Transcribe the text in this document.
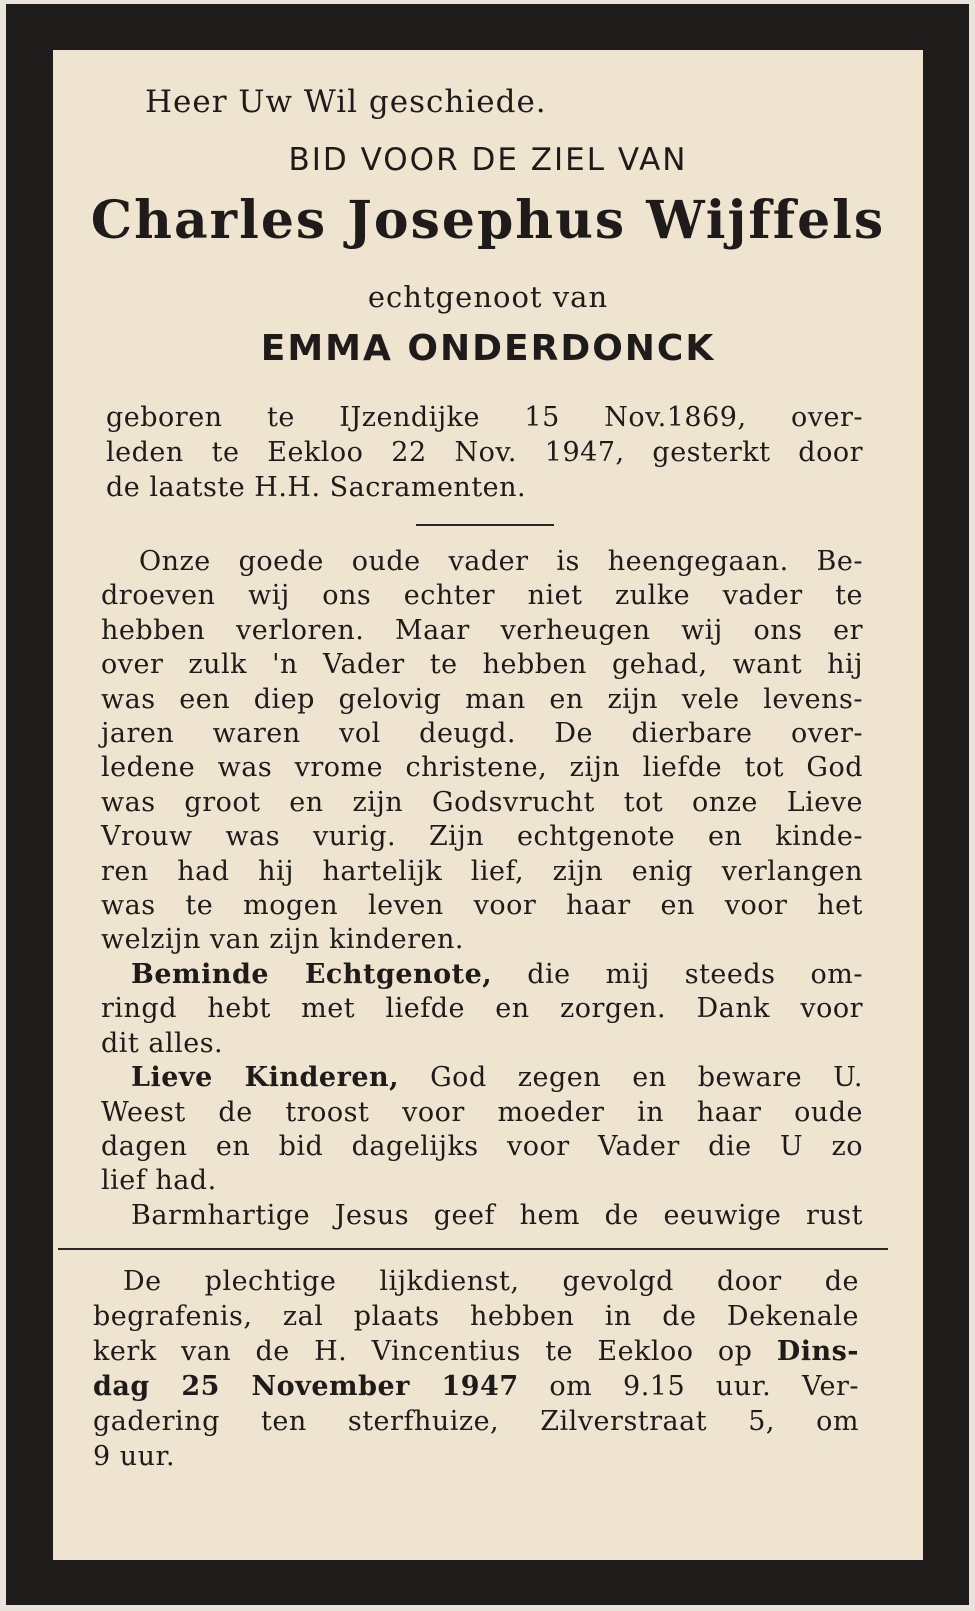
Heer Uw Wil geschiede.
BID VOOR DE ZIEL VAN
Charles Josephus Wijffels
echtgenoot van
EMMA ONDERDONCK
geboren te IJzendijke 15 Nov.1869, over-
leden te Eekloo 22 Nov. 1947, gesterkt door
de laatste H.H. Sacramenten.
Onze goede oude vader is heengegaan. Be-
droeven wij ons echter niet zulke vader te
hebben verloren. Maar verheugen wij ons er
over zulk 'n Vader te hebben gehad, want hij
was een diep gelovig man en zijn vele levens-
jaren waren vol deugd. De dierbare over-
ledene was vrome christene, zijn liefde tot God
was groot en zijn Godsvrucht tot onze Lieve
Vrouw was vurig. Zijn echtgenote en kinde-
ren had hij hartelijk lief, zijn enig verlangen
was te mogen leven voor haar en voor het
welzijn van zijn kinderen.
Beminde Echtgenote, die mij steeds om-
ringd hebt met liefde en zorgen. Dank voor
dit alles.
Lieve Kinderen, God zegen en beware U.
Weest de troost voor moeder in haar oude
dagen en bid dagelijks voor Vader die U zo
lief had.
Barmhartige Jesus geef hem de eeuwige rust
De plechtige lijkdienst, gevolgd door de
begrafenis, zal plaats hebben in de Dekenale
kerk van de H. Vincentius te Eekloo op Dins-
dag 25 November 1947 om 9.15 uur. Ver-
gadering ten sterfhuize, Zilverstraat 5, om
9 uur.
